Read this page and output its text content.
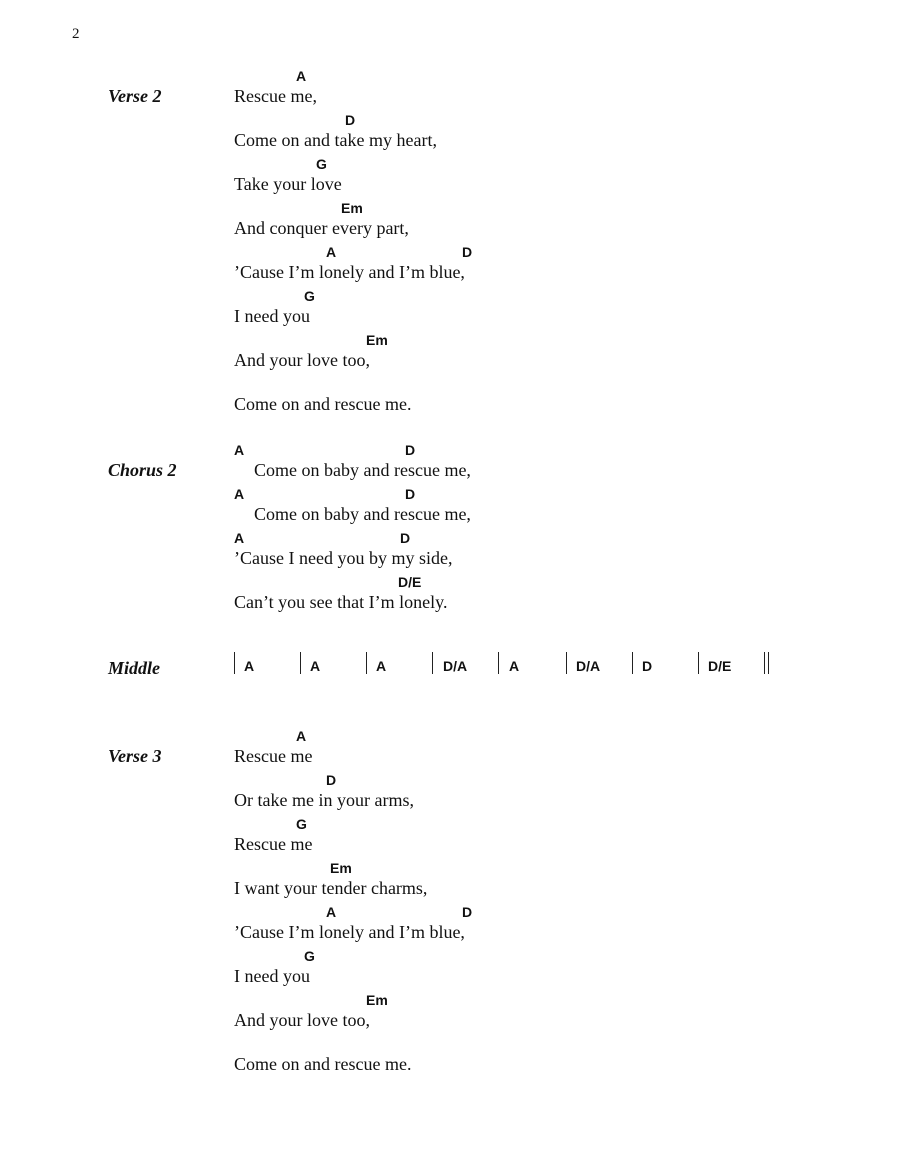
2
Verse 2
A
Rescue me,
D
Come on and take my heart,
G
Take your love
Em
And conquer every part,
A	D
’Cause I’m lonely and I’m blue,
G
I need you
Em
And your love too,
Come on and rescue me.
Chorus 2
A	D
Come on baby and rescue me,
A	D
Come on baby and rescue me,
A	D
’Cause I need you by my side,
D/E
Can’t you see that I’m lonely.
Middle	A	A	A	D/A	A	D/A	D	D/E
Verse 3
A
Rescue me
D
Or take me in your arms,
G
Rescue me
Em
I want your tender charms,
A	D
’Cause I’m lonely and I’m blue,
G
I need you
Em
And your love too,
Come on and rescue me.
